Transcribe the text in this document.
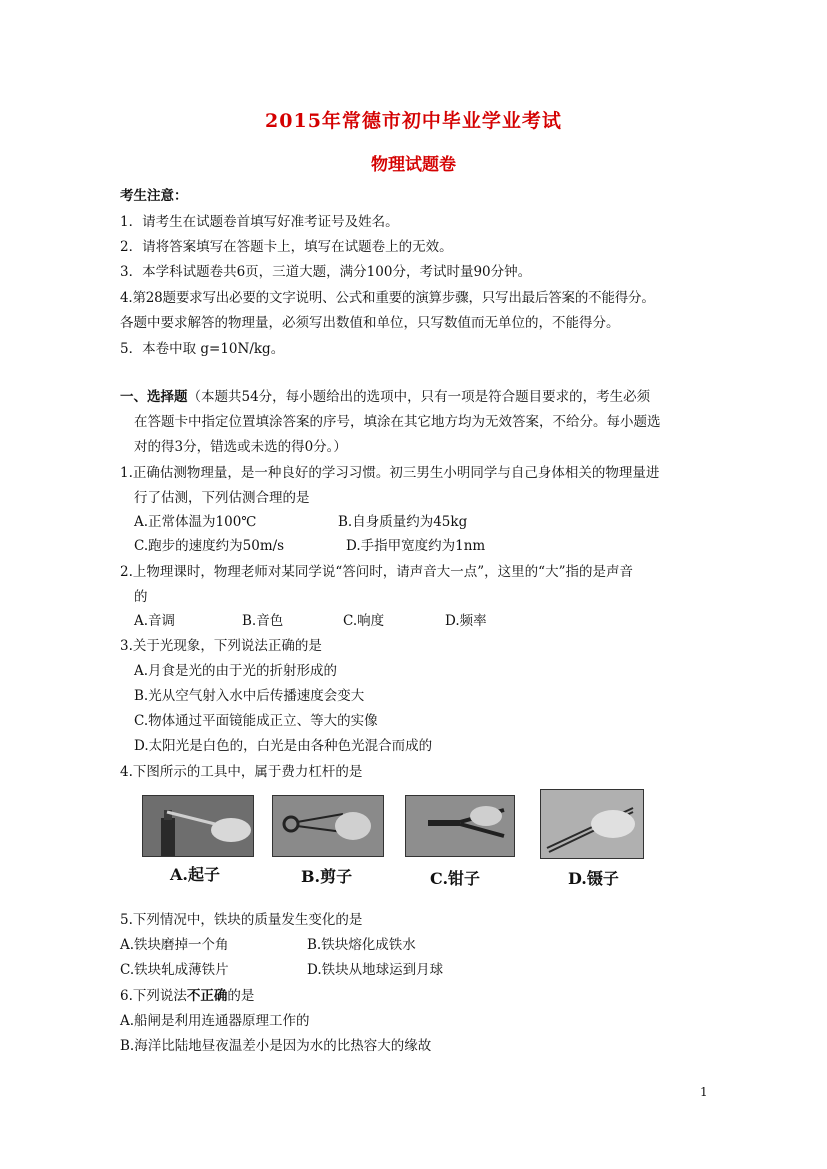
2015年常德市初中毕业学业考试
物理试题卷
考生注意：
1．请考生在试题卷首填写好准考证号及姓名。
2．请将答案填写在答题卡上，填写在试题卷上的无效。
3．本学科试题卷共6页，三道大题，满分100分，考试时量90分钟。
4.第28题要求写出必要的文字说明、公式和重要的演算步骤，只写出最后答案的不能得分。
各题中要求解答的物理量，必须写出数值和单位，只写数值而无单位的，不能得分。
5．本卷中取 g=10N/kg。
一、选择题（本题共54分，每小题给出的选项中，只有一项是符合题目要求的，考生必须
在答题卡中指定位置填涂答案的序号，填涂在其它地方均为无效答案，不给分。每小题选
对的得3分，错选或未选的得0分。）
1.正确估测物理量，是一种良好的学习习惯。初三男生小明同学与自己身体相关的物理量进
行了估测，下列估测合理的是
A.正常体温为100℃	B.自身质量约为45kg
C.跑步的速度约为50m/s	D.手指甲宽度约为1nm
2.上物理课时，物理老师对某同学说“答问时，请声音大一点”，这里的“大”指的是声音
的
A.音调	B.音色	C.响度	D.频率
3.关于光现象，下列说法正确的是
A.月食是光的由于光的折射形成的
B.光从空气射入水中后传播速度会变大
C.物体通过平面镜能成正立、等大的实像
D.太阳光是白色的，白光是由各种色光混合而成的
4.下图所示的工具中，属于费力杠杆的是
A.起子	B.剪子	C.钳子	D.镊子
5.下列情况中，铁块的质量发生变化的是
A.铁块磨掉一个角	B.铁块熔化成铁水
C.铁块轧成薄铁片	D.铁块从地球运到月球
6.下列说法不正确的是
A.船闸是利用连通器原理工作的
B.海洋比陆地昼夜温差小是因为水的比热容大的缘故
1
